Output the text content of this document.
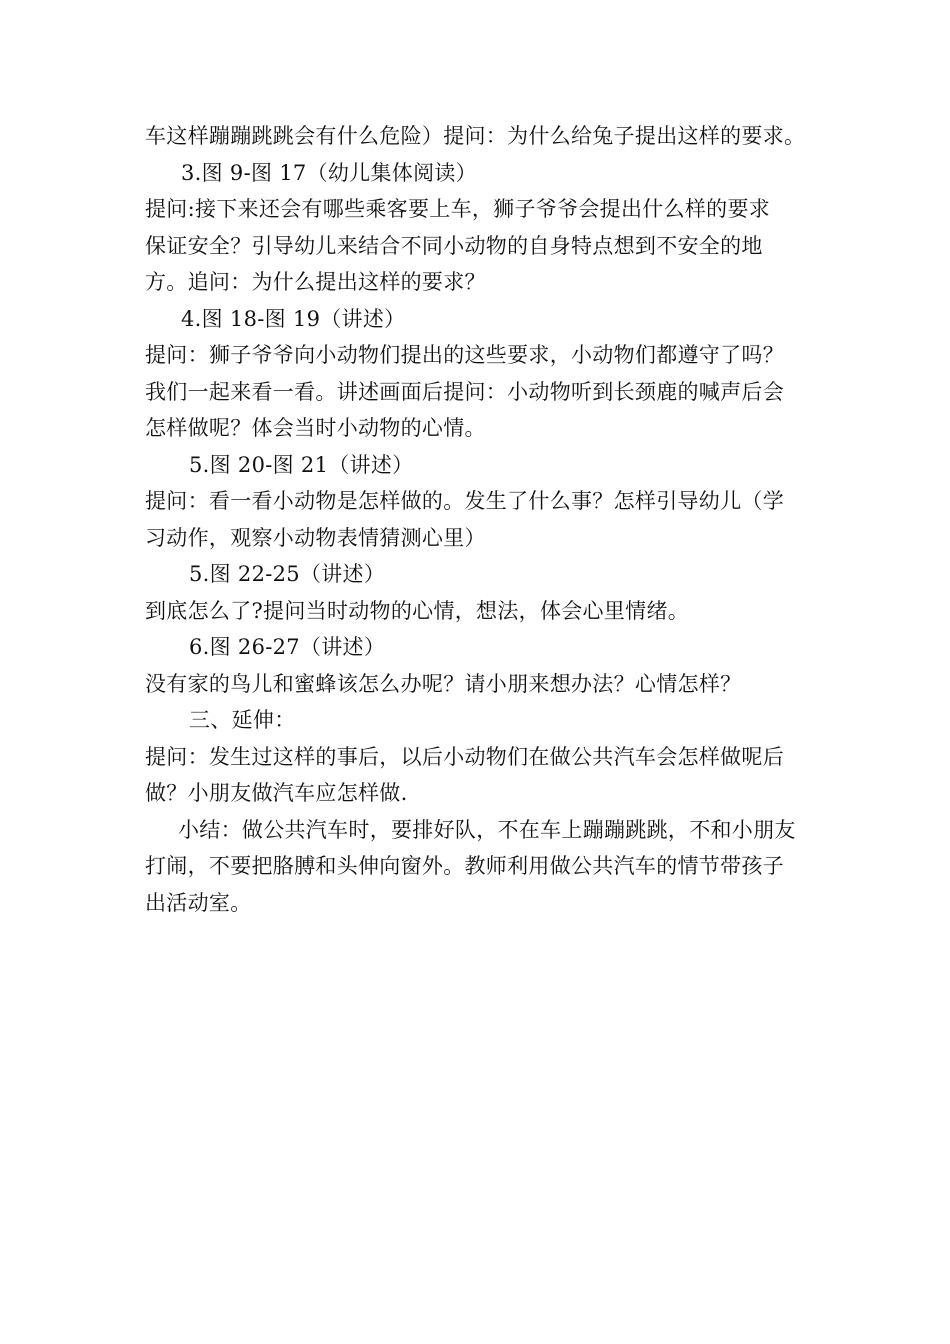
车这样蹦蹦跳跳会有什么危险）提问：为什么给兔子提出这样的要求。
3.图 9-图 17（幼儿集体阅读）
提问:接下来还会有哪些乘客要上车，狮子爷爷会提出什么样的要求
保证安全？引导幼儿来结合不同小动物的自身特点想到不安全的地
方。追问：为什么提出这样的要求？
4.图 18-图 19（讲述）
提问：狮子爷爷向小动物们提出的这些要求，小动物们都遵守了吗？
我们一起来看一看。讲述画面后提问：小动物听到长颈鹿的喊声后会
怎样做呢？体会当时小动物的心情。
5.图 20-图 21（讲述）
提问：看一看小动物是怎样做的。发生了什么事？怎样引导幼儿（学
习动作，观察小动物表情猜测心里）
5.图 22-25（讲述）
到底怎么了?提问当时动物的心情，想法，体会心里情绪。
6.图 26-27（讲述）
没有家的鸟儿和蜜蜂该怎么办呢？请小朋来想办法？心情怎样？
三、延伸：
提问：发生过这样的事后，以后小动物们在做公共汽车会怎样做呢后
做？小朋友做汽车应怎样做.
小结：做公共汽车时，要排好队，不在车上蹦蹦跳跳，不和小朋友
打闹，不要把胳膊和头伸向窗外。教师利用做公共汽车的情节带孩子
出活动室。
